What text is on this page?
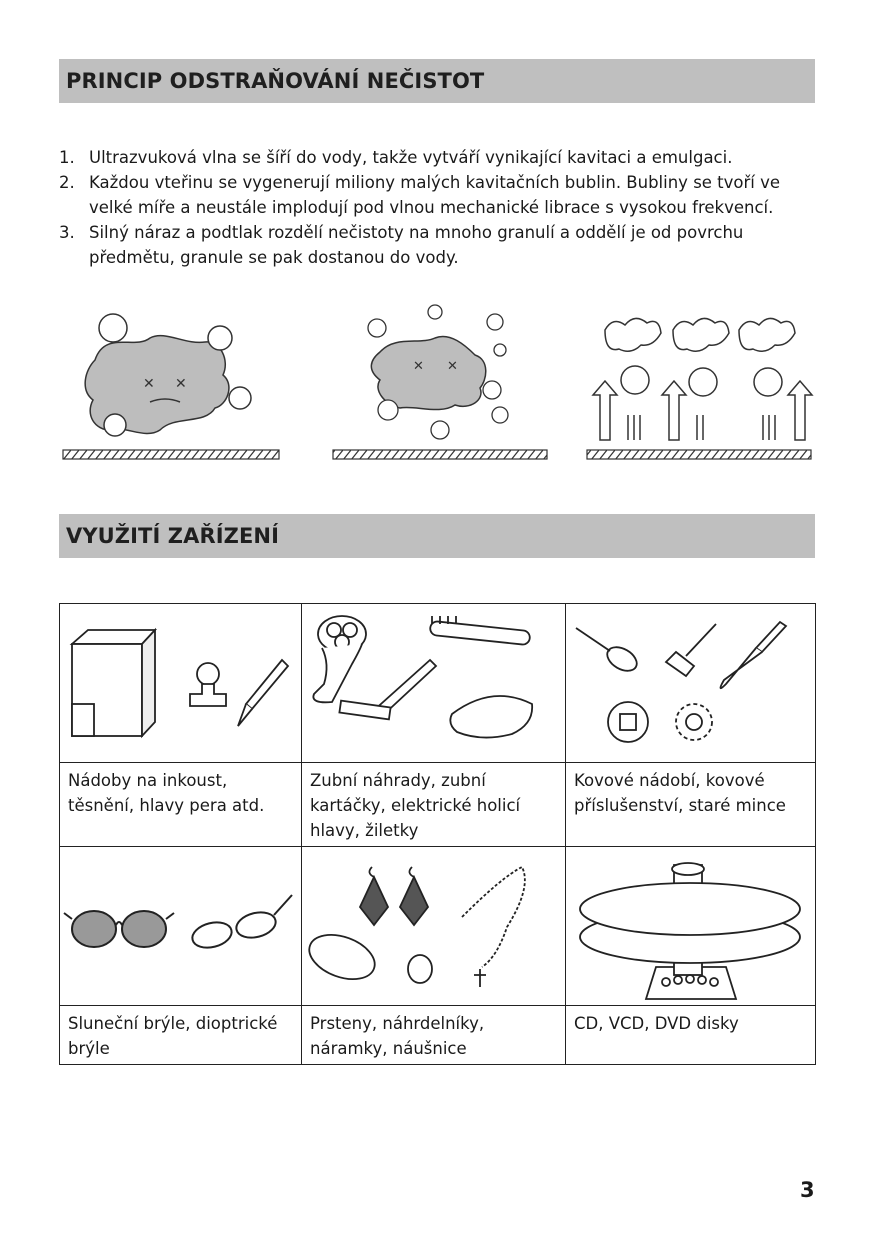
PRINCIP ODSTRAŇOVÁNÍ NEČISTOT
1. Ultrazvuková vlna se šíří do vody, takže vytváří vynikající kavitaci a emulgaci.
2. Každou vteřinu se vygenerují miliony malých kavitačních bublin. Bubliny se tvoří ve velké míře a neustále implodují pod vlnou mechanické librace s vysokou frekvencí.
3. Silný náraz a podtlak rozdělí nečistoty na mnoho granulí a oddělí je od povrchu předmětu, granule se pak dostanou do vody.
✕ ✕
✕ ✕
VYUŽITÍ ZAŘÍZENÍ

Nádoby na inkoust, těsnění, hlavy pera atd.	Zubní náhrady, zubní kartáčky, elektrické holicí hlavy, žiletky	Kovové nádobí, kovové příslušenství, staré mince

Sluneční brýle, dioptrické brýle	Prsteny, náhrdelníky, náramky, náušnice	CD, VCD, DVD disky
3
